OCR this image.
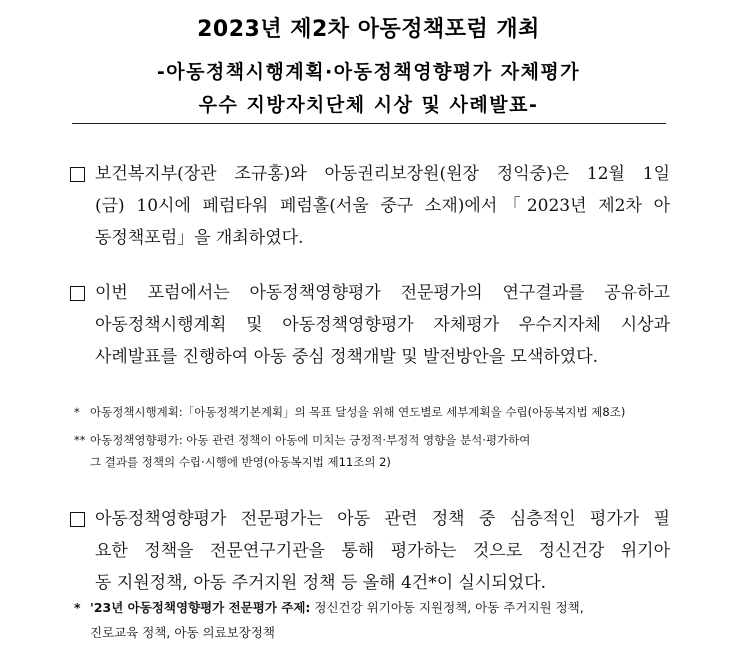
2023년 제2차 아동정책포럼 개최
-아동정책시행계획·아동정책영향평가 자체평가
우수 지방자치단체 시상 및 사례발표-
보건복지부(장관 조규홍)와 아동권리보장원(원장 정익중)은 12월 1일
(금) 10시에 페럼타워 페럼홀(서울 중구 소재)에서「2023년 제2차 아
동정책포럼」을 개최하였다.
이번 포럼에서는 아동정책영향평가 전문평가의 연구결과를 공유하고
아동정책시행계획 및 아동정책영향평가 자체평가 우수지자체 시상과
사례발표를 진행하여 아동 중심 정책개발 및 발전방안을 모색하였다.
* 아동정책시행계획:「아동정책기본계획」의 목표 달성을 위해 연도별로 세부계획을 수립(아동복지법 제8조)
** 아동정책영향평가: 아동 관련 정책이 아동에 미치는 긍정적·부정적 영향을 분석·평가하여
그 결과를 정책의 수립·시행에 반영(아동복지법 제11조의 2)
아동정책영향평가 전문평가는 아동 관련 정책 중 심층적인 평가가 필
요한 정책을 전문연구기관을 통해 평가하는 것으로 정신건강 위기아
동 지원정책, 아동 주거지원 정책 등 올해 4건*이 실시되었다.
* '23년 아동정책영향평가 전문평가 주제: 정신건강 위기아동 지원정책, 아동 주거지원 정책,
진로교육 정책, 아동 의료보장정책
